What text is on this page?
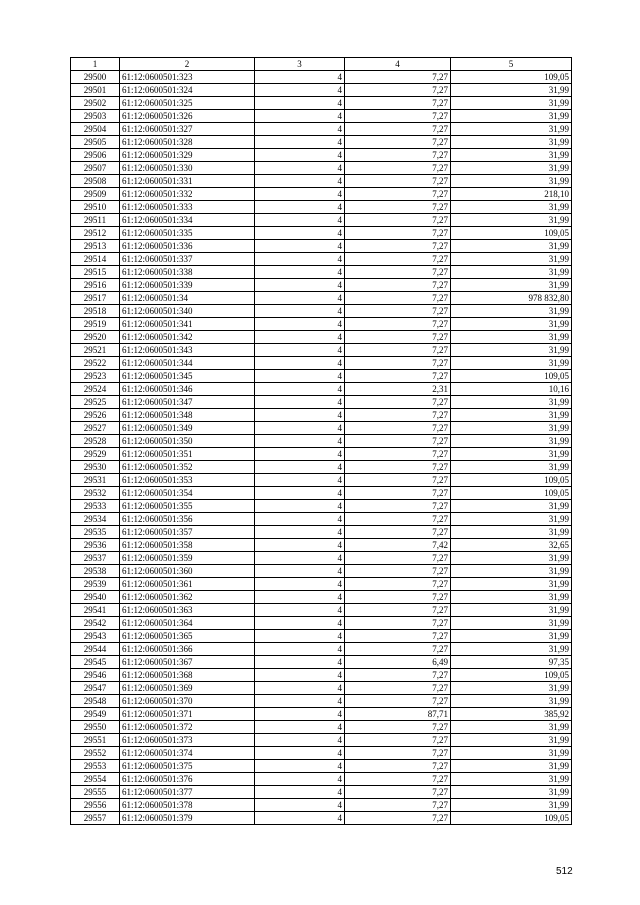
1	2	3	4	5
29500	61:12:0600501:323	4	7,27	109,05
29501	61:12:0600501:324	4	7,27	31,99
29502	61:12:0600501:325	4	7,27	31,99
29503	61:12:0600501:326	4	7,27	31,99
29504	61:12:0600501:327	4	7,27	31,99
29505	61:12:0600501:328	4	7,27	31,99
29506	61:12:0600501:329	4	7,27	31,99
29507	61:12:0600501:330	4	7,27	31,99
29508	61:12:0600501:331	4	7,27	31,99
29509	61:12:0600501:332	4	7,27	218,10
29510	61:12:0600501:333	4	7,27	31,99
29511	61:12:0600501:334	4	7,27	31,99
29512	61:12:0600501:335	4	7,27	109,05
29513	61:12:0600501:336	4	7,27	31,99
29514	61:12:0600501:337	4	7,27	31,99
29515	61:12:0600501:338	4	7,27	31,99
29516	61:12:0600501:339	4	7,27	31,99
29517	61:12:0600501:34	4	7,27	978 832,80
29518	61:12:0600501:340	4	7,27	31,99
29519	61:12:0600501:341	4	7,27	31,99
29520	61:12:0600501:342	4	7,27	31,99
29521	61:12:0600501:343	4	7,27	31,99
29522	61:12:0600501:344	4	7,27	31,99
29523	61:12:0600501:345	4	7,27	109,05
29524	61:12:0600501:346	4	2,31	10,16
29525	61:12:0600501:347	4	7,27	31,99
29526	61:12:0600501:348	4	7,27	31,99
29527	61:12:0600501:349	4	7,27	31,99
29528	61:12:0600501:350	4	7,27	31,99
29529	61:12:0600501:351	4	7,27	31,99
29530	61:12:0600501:352	4	7,27	31,99
29531	61:12:0600501:353	4	7,27	109,05
29532	61:12:0600501:354	4	7,27	109,05
29533	61:12:0600501:355	4	7,27	31,99
29534	61:12:0600501:356	4	7,27	31,99
29535	61:12:0600501:357	4	7,27	31,99
29536	61:12:0600501:358	4	7,42	32,65
29537	61:12:0600501:359	4	7,27	31,99
29538	61:12:0600501:360	4	7,27	31,99
29539	61:12:0600501:361	4	7,27	31,99
29540	61:12:0600501:362	4	7,27	31,99
29541	61:12:0600501:363	4	7,27	31,99
29542	61:12:0600501:364	4	7,27	31,99
29543	61:12:0600501:365	4	7,27	31,99
29544	61:12:0600501:366	4	7,27	31,99
29545	61:12:0600501:367	4	6,49	97,35
29546	61:12:0600501:368	4	7,27	109,05
29547	61:12:0600501:369	4	7,27	31,99
29548	61:12:0600501:370	4	7,27	31,99
29549	61:12:0600501:371	4	87,71	385,92
29550	61:12:0600501:372	4	7,27	31,99
29551	61:12:0600501:373	4	7,27	31,99
29552	61:12:0600501:374	4	7,27	31,99
29553	61:12:0600501:375	4	7,27	31,99
29554	61:12:0600501:376	4	7,27	31,99
29555	61:12:0600501:377	4	7,27	31,99
29556	61:12:0600501:378	4	7,27	31,99
29557	61:12:0600501:379	4	7,27	109,05
512
